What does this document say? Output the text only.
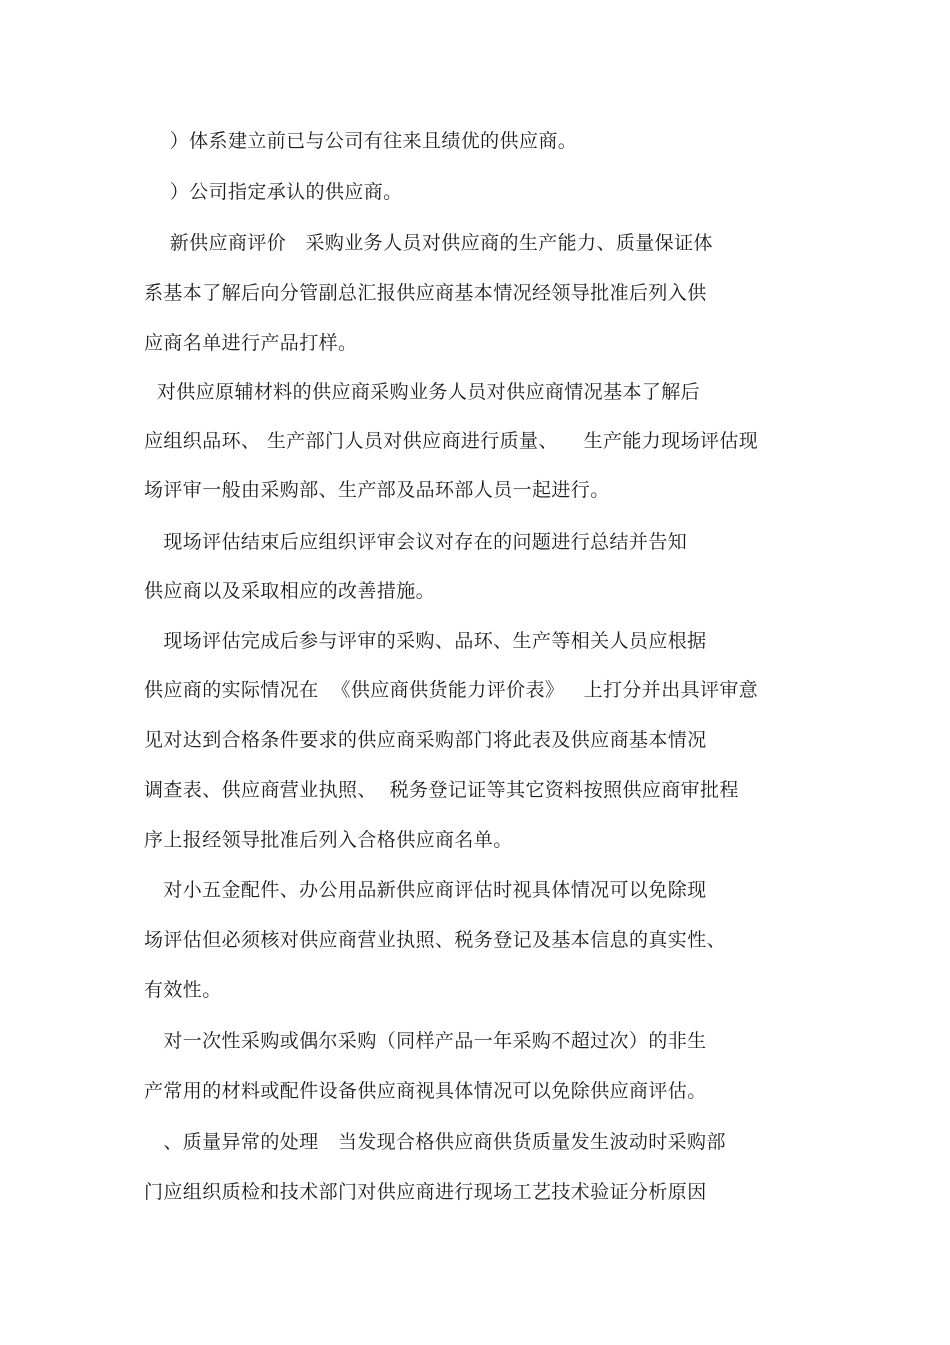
）体系建立前已与公司有往来且绩优的供应商。
）公司指定承认的供应商。
新供应商评价   采购业务人员对供应商的生产能力、质量保证体
系基本了解后向分管副总汇报供应商基本情况经领导批准后列入供
应商名单进行产品打样。
对供应原辅材料的供应商采购业务人员对供应商情况基本了解后
应组织品环、 生产部门人员对供应商进行质量、    生产能力现场评估现
场评审一般由采购部、生产部及品环部人员一起进行。
现场评估结束后应组织评审会议对存在的问题进行总结并告知
供应商以及采取相应的改善措施。
现场评估完成后参与评审的采购、品环、生产等相关人员应根据
供应商的实际情况在  《供应商供货能力评价表》   上打分并出具评审意
见对达到合格条件要求的供应商采购部门将此表及供应商基本情况
调查表、供应商营业执照、  税务登记证等其它资料按照供应商审批程
序上报经领导批准后列入合格供应商名单。
对小五金配件、办公用品新供应商评估时视具体情况可以免除现
场评估但必须核对供应商营业执照、税务登记及基本信息的真实性、
有效性。
对一次性采购或偶尔采购（同样产品一年采购不超过次）的非生
产常用的材料或配件设备供应商视具体情况可以免除供应商评估。
、质量异常的处理   当发现合格供应商供货质量发生波动时采购部
门应组织质检和技术部门对供应商进行现场工艺技术验证分析原因
